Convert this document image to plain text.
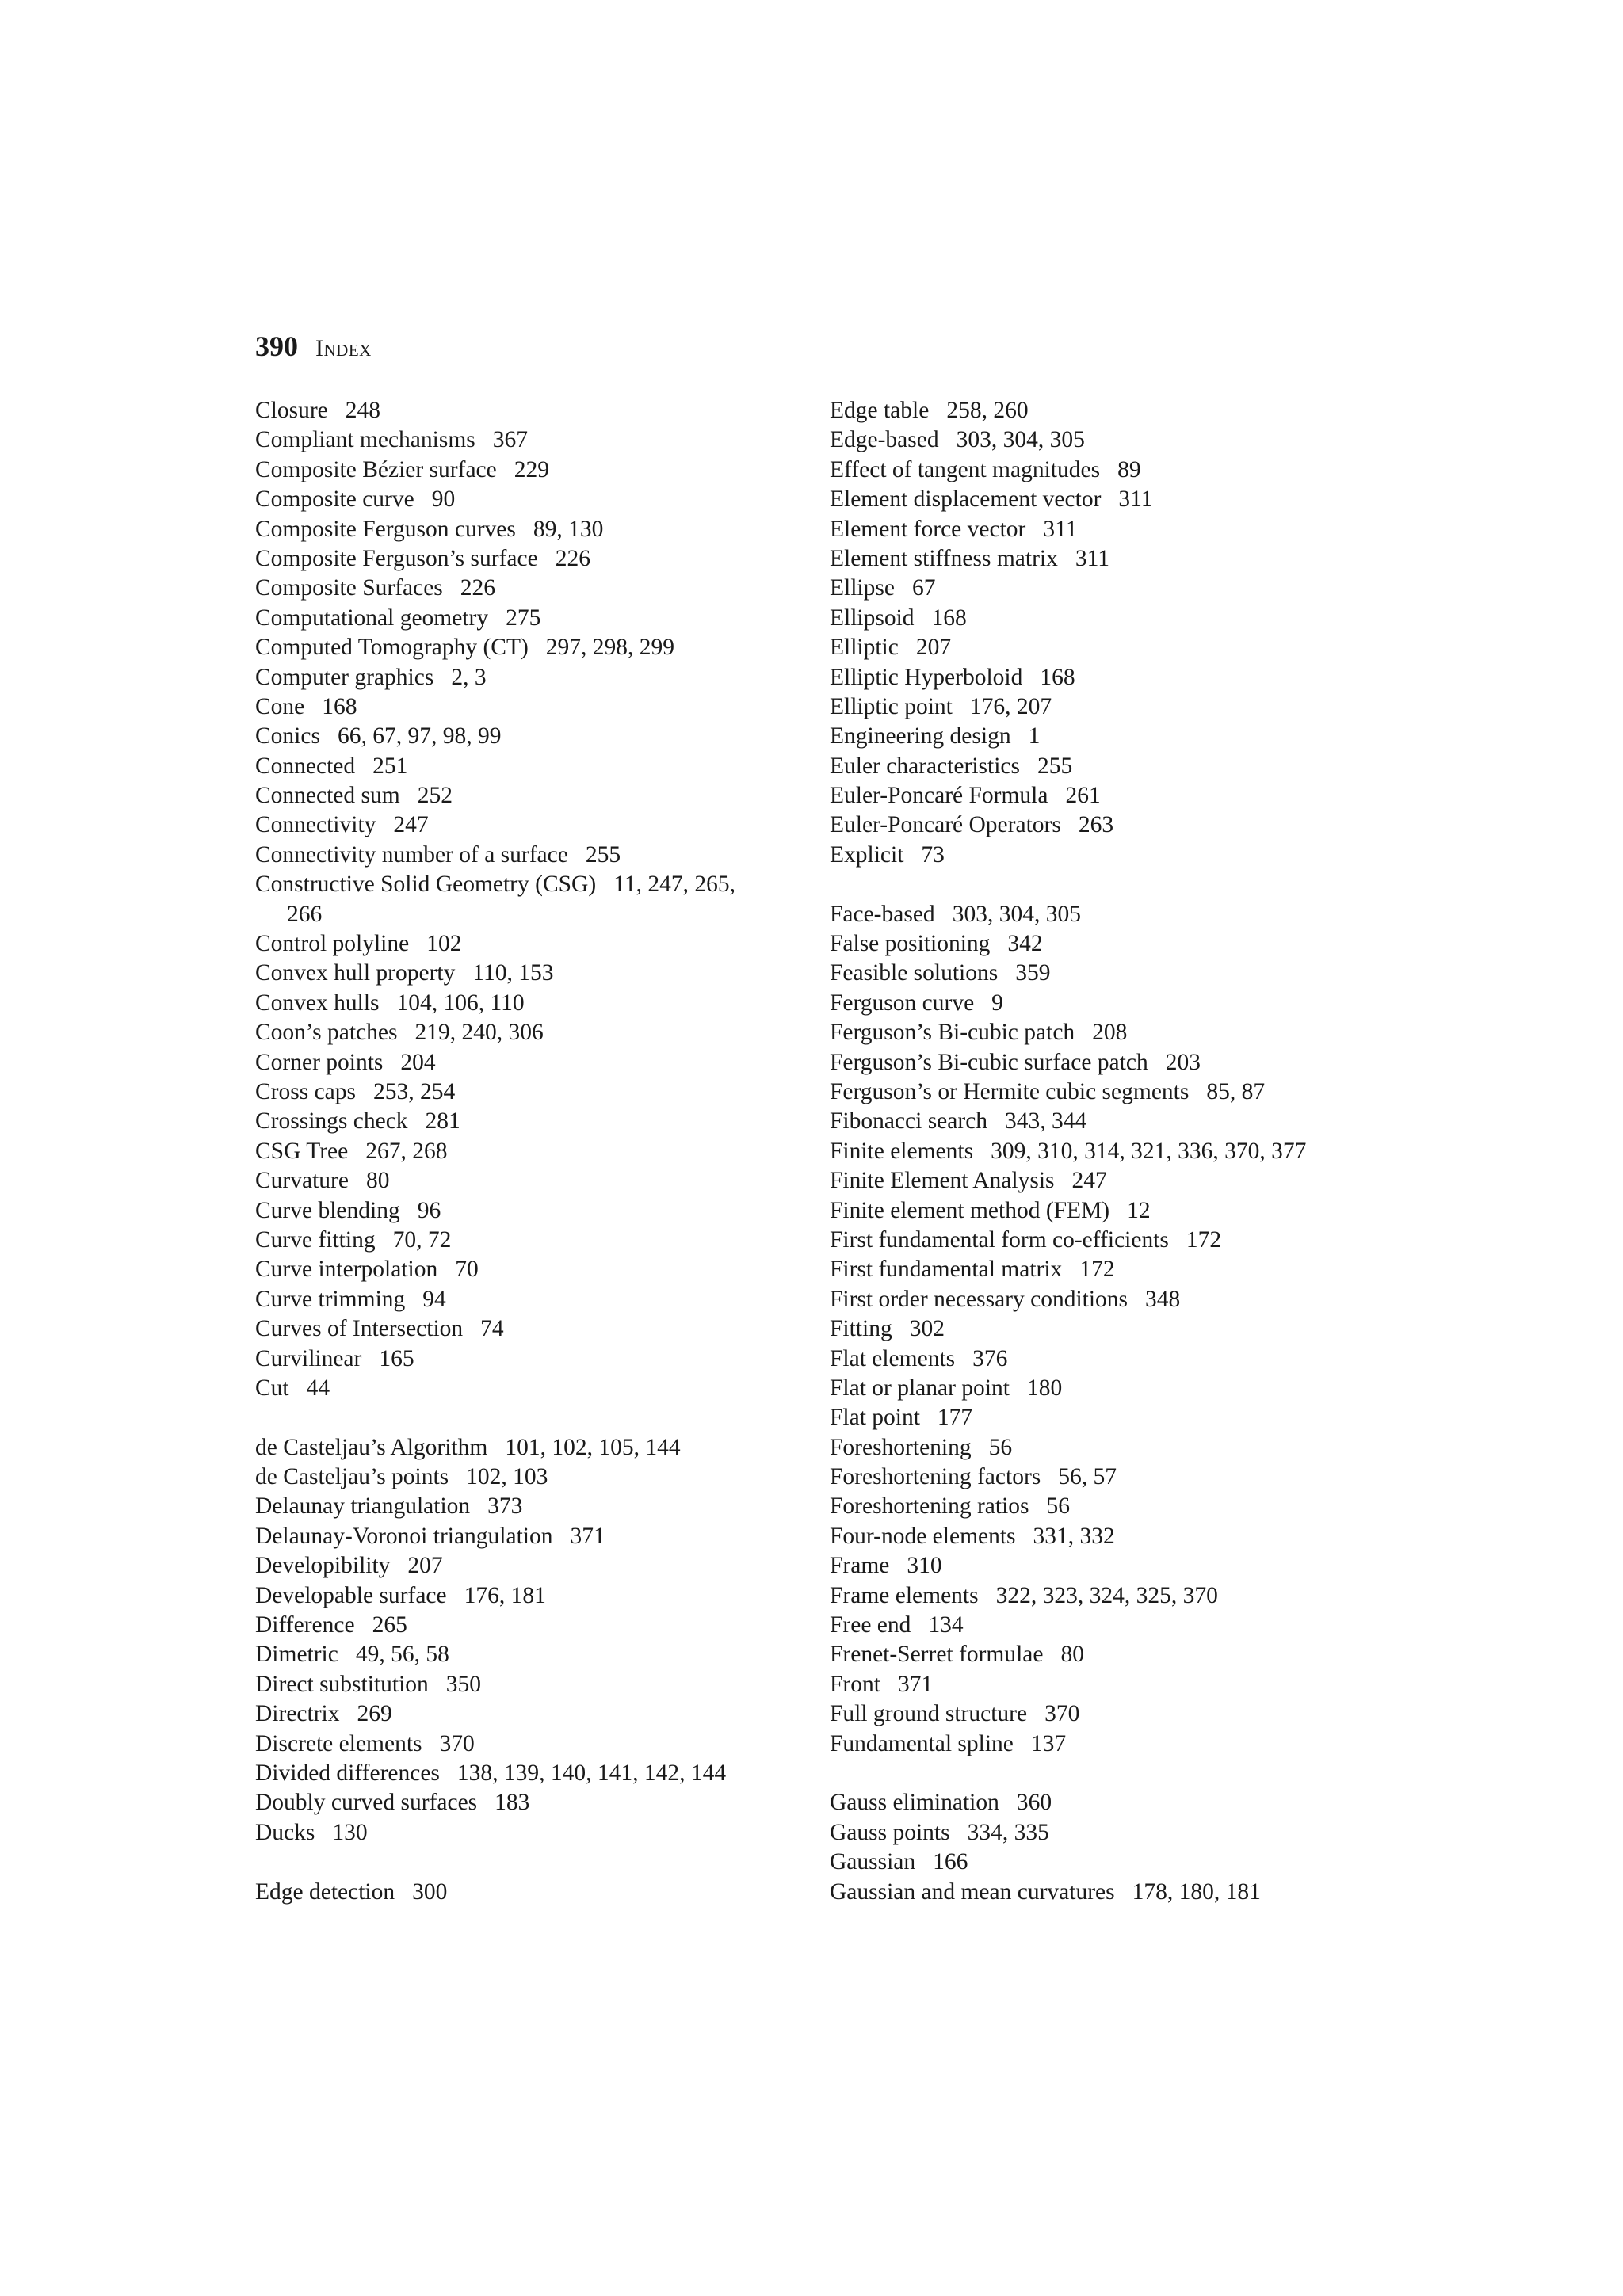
390 Index
Closure 248
Compliant mechanisms 367
Composite Bézier surface 229
Composite curve 90
Composite Ferguson curves 89, 130
Composite Ferguson’s surface 226
Composite Surfaces 226
Computational geometry 275
Computed Tomography (CT) 297, 298, 299
Computer graphics 2, 3
Cone 168
Conics 66, 67, 97, 98, 99
Connected 251
Connected sum 252
Connectivity 247
Connectivity number of a surface 255
Constructive Solid Geometry (CSG) 11, 247, 265,
266
Control polyline 102
Convex hull property 110, 153
Convex hulls 104, 106, 110
Coon’s patches 219, 240, 306
Corner points 204
Cross caps 253, 254
Crossings check 281
CSG Tree 267, 268
Curvature 80
Curve blending 96
Curve fitting 70, 72
Curve interpolation 70
Curve trimming 94
Curves of Intersection 74
Curvilinear 165
Cut 44
de Casteljau’s Algorithm 101, 102, 105, 144
de Casteljau’s points 102, 103
Delaunay triangulation 373
Delaunay-Voronoi triangulation 371
Developibility 207
Developable surface 176, 181
Difference 265
Dimetric 49, 56, 58
Direct substitution 350
Directrix 269
Discrete elements 370
Divided differences 138, 139, 140, 141, 142, 144
Doubly curved surfaces 183
Ducks 130
Edge detection 300
Edge table 258, 260
Edge-based 303, 304, 305
Effect of tangent magnitudes 89
Element displacement vector 311
Element force vector 311
Element stiffness matrix 311
Ellipse 67
Ellipsoid 168
Elliptic 207
Elliptic Hyperboloid 168
Elliptic point 176, 207
Engineering design 1
Euler characteristics 255
Euler-Poncaré Formula 261
Euler-Poncaré Operators 263
Explicit 73
Face-based 303, 304, 305
False positioning 342
Feasible solutions 359
Ferguson curve 9
Ferguson’s Bi-cubic patch 208
Ferguson’s Bi-cubic surface patch 203
Ferguson’s or Hermite cubic segments 85, 87
Fibonacci search 343, 344
Finite elements 309, 310, 314, 321, 336, 370, 377
Finite Element Analysis 247
Finite element method (FEM) 12
First fundamental form co-efficients 172
First fundamental matrix 172
First order necessary conditions 348
Fitting 302
Flat elements 376
Flat or planar point 180
Flat point 177
Foreshortening 56
Foreshortening factors 56, 57
Foreshortening ratios 56
Four-node elements 331, 332
Frame 310
Frame elements 322, 323, 324, 325, 370
Free end 134
Frenet-Serret formulae 80
Front 371
Full ground structure 370
Fundamental spline 137
Gauss elimination 360
Gauss points 334, 335
Gaussian 166
Gaussian and mean curvatures 178, 180, 181
